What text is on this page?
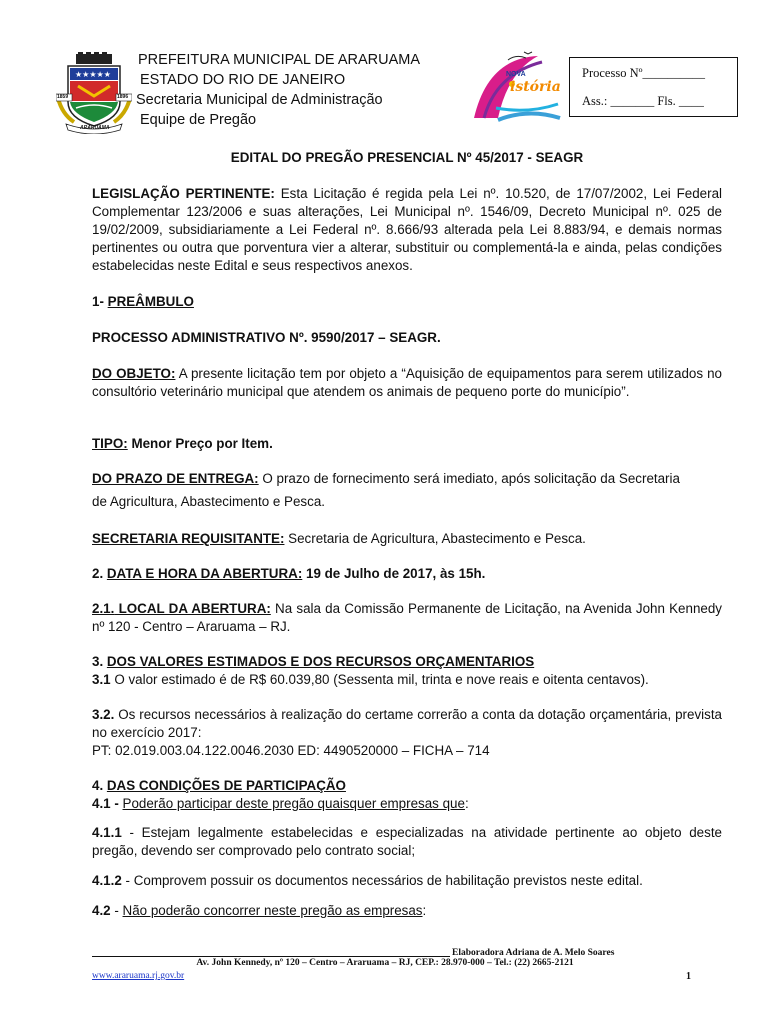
★★★★★
1859	1896
ARARUAMA
PREFEITURA MUNICIPAL DE ARARUAMA
ESTADO DO RIO DE JANEIRO
Secretaria Municipal de Administração
Equipe de Pregão
NOVA
istória
Processo Nº__________
Ass.: _______ Fls. ____
EDITAL DO PREGÃO PRESENCIAL Nº 45/2017 - SEAGR
LEGISLAÇÃO PERTINENTE: Esta Licitação é regida pela Lei nº. 10.520, de 17/07/2002, Lei Federal Complementar 123/2006 e suas alterações, Lei Municipal nº. 1546/09, Decreto Municipal nº. 025 de 19/02/2009, subsidiariamente a Lei Federal nº. 8.666/93 alterada pela Lei 8.883/94, e demais normas pertinentes ou outra que porventura vier a alterar, substituir ou complementá-la e ainda, pelas condições estabelecidas neste Edital e seus respectivos anexos.
1- PREÂMBULO
PROCESSO ADMINISTRATIVO Nº. 9590/2017 – SEAGR.
DO OBJETO: A presente licitação tem por objeto a “Aquisição de equipamentos para serem utilizados no consultório veterinário municipal que atendem os animais de pequeno porte do município”.
TIPO: Menor Preço por Item.
DO PRAZO DE ENTREGA: O prazo de fornecimento será imediato, após solicitação da Secretaria
de Agricultura, Abastecimento e Pesca.
SECRETARIA REQUISITANTE: Secretaria de Agricultura, Abastecimento e Pesca.
2. DATA E HORA DA ABERTURA: 19 de Julho de 2017, às 15h.
2.1. LOCAL DA ABERTURA: Na sala da Comissão Permanente de Licitação, na Avenida John Kennedy nº 120 - Centro – Araruama – RJ.
3. DOS VALORES ESTIMADOS E DOS RECURSOS ORÇAMENTARIOS
3.1 O valor estimado é de R$ 60.039,80 (Sessenta mil, trinta e nove reais e oitenta centavos).
3.2. Os recursos necessários à realização do certame correrão a conta da dotação orçamentária, prevista no exercício 2017:
PT: 02.019.003.04.122.0046.2030 ED: 4490520000 – FICHA – 714
4. DAS CONDIÇÕES DE PARTICIPAÇÃO
4.1 - Poderão participar deste pregão quaisquer empresas que:
4.1.1 - Estejam legalmente estabelecidas e especializadas na atividade pertinente ao objeto deste pregão, devendo ser comprovado pelo contrato social;
4.1.2 - Comprovem possuir os documentos necessários de habilitação previstos neste edital.
4.2 - Não poderão concorrer neste pregão as empresas:
Elaboradora Adriana de A. Melo Soares
Av. John Kennedy, nº 120 – Centro – Araruama – RJ, CEP.: 28.970-000 – Tel.: (22) 2665-2121
www.araruama.rj.gov.br	1
